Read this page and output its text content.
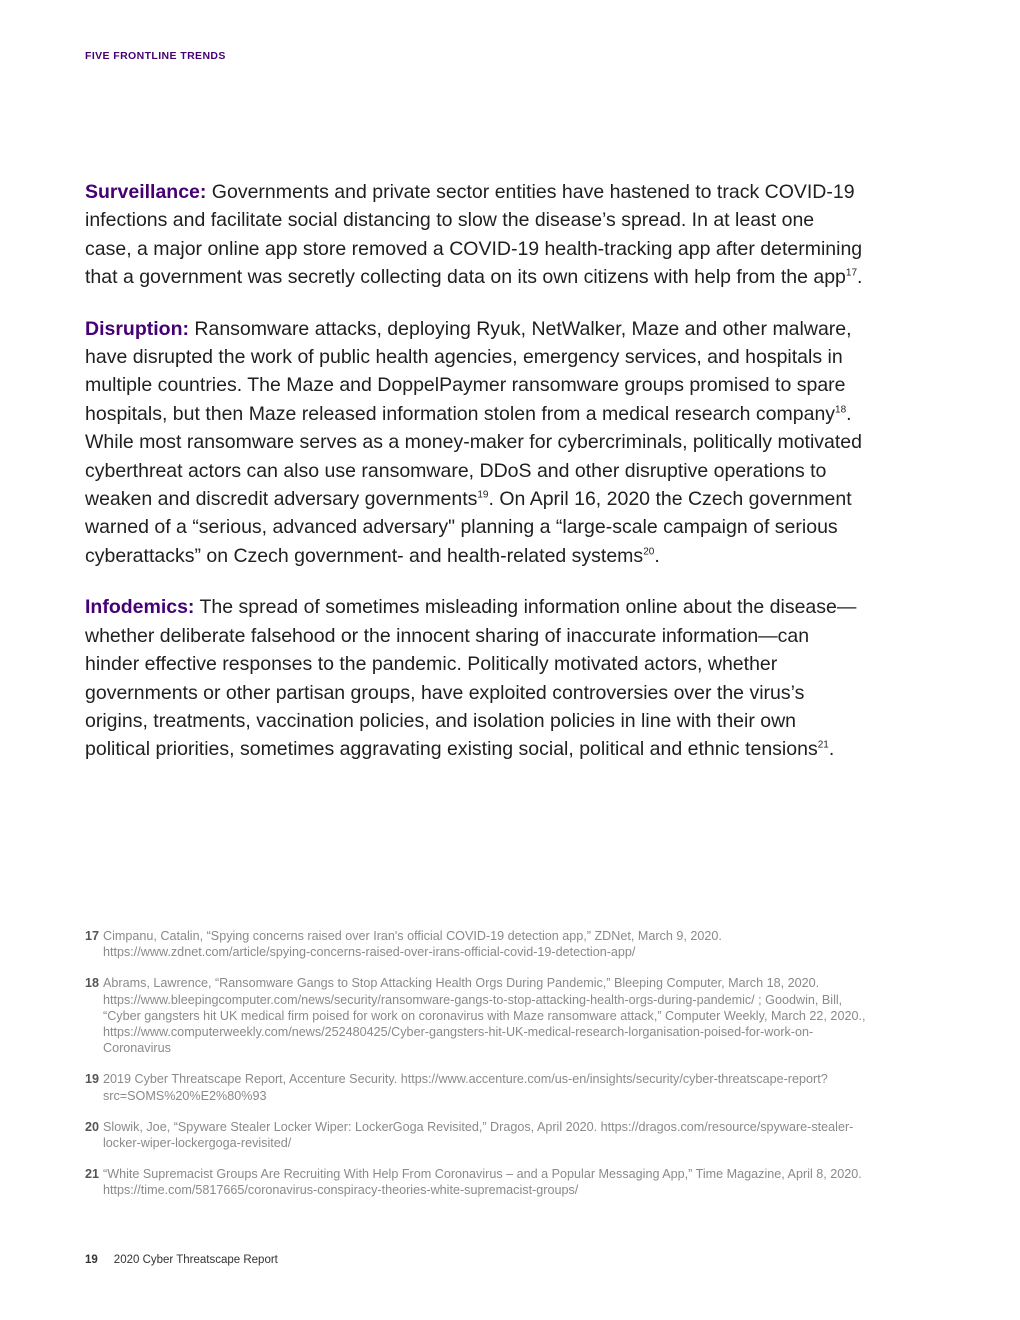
FIVE FRONTLINE TRENDS

Surveillance: Governments and private sector entities have hastened to track COVID-19 infections and facilitate social distancing to slow the disease’s spread. In at least one case, a major online app store removed a COVID-19 health-tracking app after determining that a government was secretly collecting data on its own citizens with help from the app$^{17}$.

Disruption: Ransomware attacks, deploying Ryuk, NetWalker, Maze and other malware, have disrupted the work of public health agencies, emergency services, and hospitals in multiple countries. The Maze and DoppelPaymer ransomware groups promised to spare hospitals, but then Maze released information stolen from a medical research company$^{18}$. While most ransomware serves as a money-maker for cybercriminals, politically motivated cyberthreat actors can also use ransomware, DDoS and other disruptive operations to weaken and discredit adversary governments$^{19}$. On April 16, 2020 the Czech government warned of a “serious, advanced adversary" planning a “large-scale campaign of serious cyberattacks” on Czech government- and health-related systems$^{20}$.

Infodemics: The spread of sometimes misleading information online about the disease—whether deliberate falsehood or the innocent sharing of inaccurate information—can hinder effective responses to the pandemic. Politically motivated actors, whether governments or other partisan groups, have exploited controversies over the virus’s origins, treatments, vaccination policies, and isolation policies in line with their own political priorities, sometimes aggravating existing social, political and ethnic tensions$^{21}$.

17 Cimpanu, Catalin, “Spying concerns raised over Iran's official COVID-19 detection app,” ZDNet, March 9, 2020. https://www.zdnet.com/article/spying-concerns-raised-over-irans-official-covid-19-detection-app/
18 Abrams, Lawrence, “Ransomware Gangs to Stop Attacking Health Orgs During Pandemic,” Bleeping Computer, March 18, 2020. https://www.bleepingcomputer.com/news/security/ransomware-gangs-to-stop-attacking-health-orgs-during-pandemic/ ; Goodwin, Bill, “Cyber gangsters hit UK medical firm poised for work on coronavirus with Maze ransomware attack,” Computer Weekly, March 22, 2020., https://www.computerweekly.com/news/252480425/Cyber-gangsters-hit-UK-medical-research-lorganisation-poised-for-work-on-Coronavirus
19 2019 Cyber Threatscape Report, Accenture Security. https://www.accenture.com/us-en/insights/security/cyber-threatscape-report?src=SOMS%20%E2%80%93
20 Slowik, Joe, “Spyware Stealer Locker Wiper: LockerGoga Revisited,” Dragos, April 2020. https://dragos.com/resource/spyware-stealer-locker-wiper-lockergoga-revisited/
21 “White Supremacist Groups Are Recruiting With Help From Coronavirus – and a Popular Messaging App,” Time Magazine, April 8, 2020. https://time.com/5817665/coronavirus-conspiracy-theories-white-supremacist-groups/
19 2020 Cyber Threatscape Report
